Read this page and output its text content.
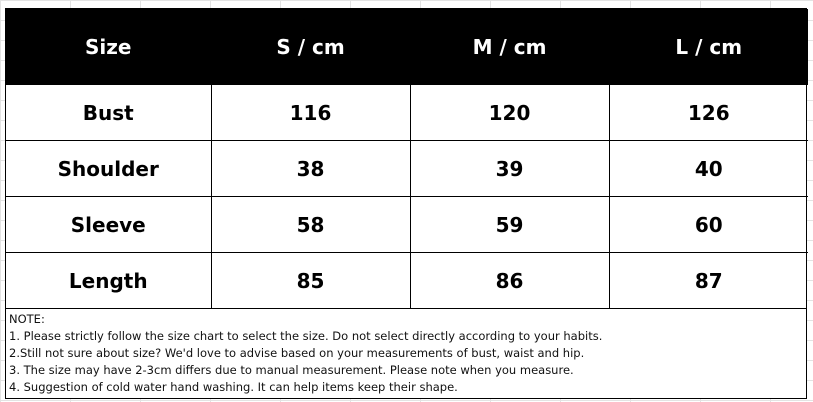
Size	S / cm	M / cm	L / cm
Bust	116	120	126
Shoulder	38	39	40
Sleeve	58	59	60
Length	85	86	87
NOTE:
1. Please strictly follow the size chart to select the size. Do not select directly according to your habits.
2.Still not sure about size? We'd love to advise based on your measurements of bust, waist and hip.
3. The size may have 2-3cm differs due to manual measurement. Please note when you measure.
4. Suggestion of cold water hand washing. It can help items keep their shape.
